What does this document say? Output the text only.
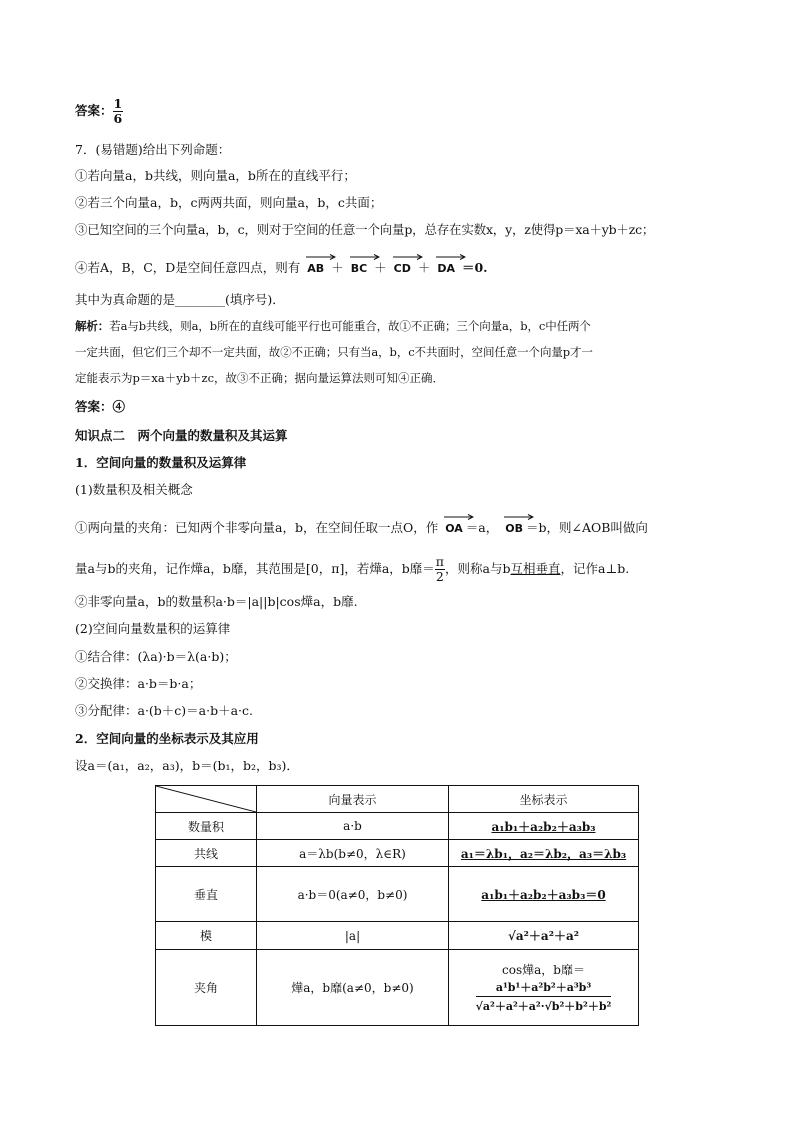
答案： $\frac{1}{6}$
7．(易错题)给出下列命题：
①若向量a，b共线，则向量a，b所在的直线平行；
②若三个向量a，b，c两两共面，则向量a，b，c共面；
③已知空间的三个向量a，b，c，则对于空间的任意一个向量p，总存在实数x，y，z使得p＝xa＋yb＋zc；
④若A，B，C，D是空间任意四点，则有 AB ＋ BC ＋ CD ＋ DA ＝0.
其中为真命题的是________(填序号)．
解析：若a与b共线，则a，b所在的直线可能平行也可能重合，故①不正确；三个向量a，b，c中任两个
一定共面，但它们三个却不一定共面，故②不正确；只有当a，b，c不共面时，空间任意一个向量p才一
定能表示为p＝xa＋yb＋zc，故③不正确；据向量运算法则可知④正确．
答案：④
知识点二　两个向量的数量积及其运算
1．空间向量的数量积及运算律
(1)数量积及相关概念
①两向量的夹角：已知两个非零向量a，b，在空间任取一点O，作 OA ＝a， OB ＝b，则∠AOB叫做向
量a与b的夹角，记作燁a，b靡，其范围是[0，π]，若燁a，b靡＝ $\frac{\pi}{2}$ ，则称a与b互相垂直，记作a⊥b.
②非零向量a，b的数量积a·b＝|a||b|cos燁a，b靡.
(2)空间向量数量积的运算律
①结合律：(λa)·b＝λ(a·b)；
②交换律：a·b＝b·a；
③分配律：a·(b＋c)＝a·b＋a·c.
2．空间向量的坐标表示及其应用
设a＝(a₁，a₂，a₃)，b＝(b₁，b₂，b₃)．
	向量表示	坐标表示
数量积	a·b	a₁b₁＋a₂b₂＋a₃b₃
共线	a＝λb(b≠0，λ∈R)	a₁＝λb₁，a₂＝λb₂，a₃＝λb₃
垂直	a·b＝0(a≠0，b≠0)	a₁b₁＋a₂b₂＋a₃b₃＝0
模	|a|	√a²＋a²＋a²
夹角	燁a，b靡(a≠0，b≠0)	cos燁a，b靡＝
$\frac{\text{a¹b¹＋a²b²＋a³b³}}{\text{√a²＋a²＋a²·√b²＋b²＋b²}}$
